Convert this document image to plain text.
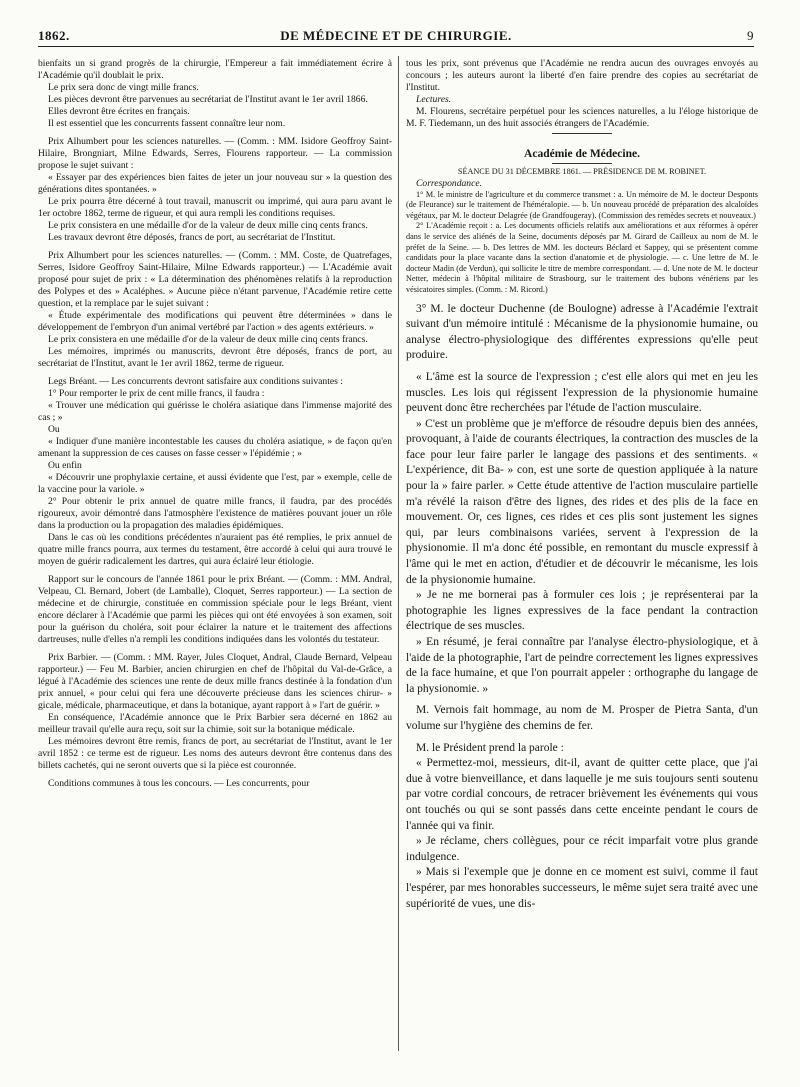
1862.	DE MÉDECINE ET DE CHIRURGIE.	9

bienfaits un si grand progrès de la chirurgie, l'Empereur a fait immédiatement écrire à l'Académie qu'il doublait le prix.

Le prix sera donc de vingt mille francs.

Les pièces devront être parvenues au secrétariat de l'Institut avant le 1er avril 1866.

Elles devront être écrites en français.

Il est essentiel que les concurrents fassent connaître leur nom.

Prix Alhumbert pour les sciences naturelles. — (Comm. : MM. Isidore Geoffroy Saint-Hilaire, Brongniart, Milne Edwards, Serres, Flourens rapporteur. — La commission propose le sujet suivant :

« Essayer par des expériences bien faites de jeter un jour nouveau sur » la question des générations dites spontanées. »

Le prix pourra être décerné à tout travail, manuscrit ou imprimé, qui aura paru avant le 1er octobre 1862, terme de rigueur, et qui aura rempli les conditions requises.

Le prix consistera en une médaille d'or de la valeur de deux mille cinq cents francs.

Les travaux devront être déposés, francs de port, au secrétariat de l'Institut.

Prix Alhumbert pour les sciences naturelles. — (Comm. : MM. Coste, de Quatrefages, Serres, Isidore Geoffroy Saint-Hilaire, Milne Edwards rapporteur.) — L'Académie avait proposé pour sujet de prix : « La détermination des phénomènes relatifs à la reproduction des Polypes et des » Acaléphes. » Aucune pièce n'étant parvenue, l'Académie retire cette question, et la remplace par le sujet suivant :

« Étude expérimentale des modifications qui peuvent être déterminées » dans le développement de l'embryon d'un animal vertébré par l'action » des agents extérieurs. »

Le prix consistera en une médaille d'or de la valeur de deux mille cinq cents francs.

Les mémoires, imprimés ou manuscrits, devront être déposés, francs de port, au secrétariat de l'Institut, avant le 1er avril 1862, terme de rigueur.

Legs Bréant. — Les concurrents devront satisfaire aux conditions suivantes :

1° Pour remporter le prix de cent mille francs, il faudra :

« Trouver une médication qui guérisse le choléra asiatique dans l'immense majorité des cas ; »

Ou

« Indiquer d'une manière incontestable les causes du choléra asiatique, » de façon qu'en amenant la suppression de ces causes on fasse cesser » l'épidémie ; »

Ou enfin

« Découvrir une prophylaxie certaine, et aussi évidente que l'est, par » exemple, celle de la vaccine pour la variole. »

2° Pour obtenir le prix annuel de quatre mille francs, il faudra, par des procédés rigoureux, avoir démontré dans l'atmosphère l'existence de matières pouvant jouer un rôle dans la production ou la propagation des maladies épidémiques.

Dans le cas où les conditions précédentes n'auraient pas été remplies, le prix annuel de quatre mille francs pourra, aux termes du testament, être accordé à celui qui aura trouvé le moyen de guérir radicalement les dartres, qui aura éclairé leur étiologie.

Rapport sur le concours de l'année 1861 pour le prix Bréant. — (Comm. : MM. Andral, Velpeau, Cl. Bernard, Jobert (de Lamballe), Cloquet, Serres rapporteur.) — La section de médecine et de chirurgie, constituée en commission spéciale pour le legs Bréant, vient encore déclarer à l'Académie que parmi les pièces qui ont été envoyées à son examen, soit pour la guérison du choléra, soit pour éclairer la nature et le traitement des affections dartreuses, nulle d'elles n'a rempli les conditions indiquées dans les volontés du testateur.

Prix Barbier. — (Comm. : MM. Rayer, Jules Cloquet, Andral, Claude Bernard, Velpeau rapporteur.) — Feu M. Barbier, ancien chirurgien en chef de l'hôpital du Val-de-Grâce, a légué à l'Académie des sciences une rente de deux mille francs destinée à la fondation d'un prix annuel, « pour celui qui fera une découverte précieuse dans les sciences chirur- » gicale, médicale, pharmaceutique, et dans la botanique, ayant rapport à » l'art de guérir. »

En conséquence, l'Académie annonce que le Prix Barbier sera décerné en 1862 au meilleur travail qu'elle aura reçu, soit sur la chimie, soit sur la botanique médicale.

Les mémoires devront être remis, francs de port, au secrétariat de l'Institut, avant le 1er avril 1852 : ce terme est de rigueur. Les noms des auteurs devront être contenus dans des billets cachetés, qui ne seront ouverts que si la pièce est couronnée.

Conditions communes à tous les concours. — Les concurrents, pour

tous les prix, sont prévenus que l'Académie ne rendra aucun des ouvrages envoyés au concours ; les auteurs auront la liberté d'en faire prendre des copies au secrétariat de l'Institut.

Lectures.

M. Flourens, secrétaire perpétuel pour les sciences naturelles, a lu l'éloge historique de M. F. Tiedemann, un des huit associés étrangers de l'Académie.

Académie de Médecine.

SÉANCE DU 31 DÉCEMBRE 1861. — PRÉSIDENCE DE M. ROBINET.

Correspondance.

1° M. le ministre de l'agriculture et du commerce transmet : a. Un mémoire de M. le docteur Desponts (de Fleurance) sur le traitement de l'héméralopie. — b. Un nouveau procédé de préparation des alcaloïdes végétaux, par M. le docteur Delagrée (de Grandfougeray). (Commission des remèdes secrets et nouveaux.)

2° L'Académie reçoit : a. Les documents officiels relatifs aux améliorations et aux réformes à opérer dans le service des aliénés de la Seine, documents déposés par M. Girard de Cailleux au nom de M. le préfet de la Seine. — b. Des lettres de MM. les docteurs Béclard et Sappey, qui se présentent comme candidats pour la place vacante dans la section d'anatomie et de physiologie. — c. Une lettre de M. le docteur Madin (de Verdun), qui sollicite le titre de membre correspondant. — d. Une note de M. le docteur Netter, médecin à l'hôpital militaire de Strasbourg, sur le traitement des bubons vénériens par les vésicatoires simples. (Comm. : M. Ricord.)

3° M. le docteur Duchenne (de Boulogne) adresse à l'Académie l'extrait suivant d'un mémoire intitulé : Mécanisme de la physionomie humaine, ou analyse électro-physiologique des différentes expressions qu'elle peut produire.

« L'âme est la source de l'expression ; c'est elle alors qui met en jeu les muscles. Les lois qui régissent l'expression de la physionomie humaine peuvent donc être recherchées par l'étude de l'action musculaire.

» C'est un problème que je m'efforce de résoudre depuis bien des années, provoquant, à l'aide de courants électriques, la contraction des muscles de la face pour leur faire parler le langage des passions et des sentiments. « L'expérience, dit Ba- » con, est une sorte de question appliquée à la nature pour la » faire parler. » Cette étude attentive de l'action musculaire partielle m'a révélé la raison d'être des lignes, des rides et des plis de la face en mouvement. Or, ces lignes, ces rides et ces plis sont justement les signes qui, par leurs combinaisons variées, servent à l'expression de la physionomie. Il m'a donc été possible, en remontant du muscle expressif à l'âme qui le met en action, d'étudier et de découvrir le mécanisme, les lois de la physionomie humaine.

» Je ne me bornerai pas à formuler ces lois ; je représenterai par la photographie les lignes expressives de la face pendant la contraction électrique de ses muscles.

» En résumé, je ferai connaître par l'analyse électro-physiologique, et à l'aide de la photographie, l'art de peindre correctement les lignes expressives de la face humaine, et que l'on pourrait appeler : orthographe du langage de la physionomie. »

M. Vernois fait hommage, au nom de M. Prosper de Pietra Santa, d'un volume sur l'hygiène des chemins de fer.

M. le Président prend la parole :

« Permettez-moi, messieurs, dit-il, avant de quitter cette place, que j'ai due à votre bienveillance, et dans laquelle je me suis toujours senti soutenu par votre cordial concours, de retracer brièvement les événements qui vous ont touchés ou qui se sont passés dans cette enceinte pendant le cours de l'année qui va finir.

» Je réclame, chers collègues, pour ce récit imparfait votre plus grande indulgence.

» Mais si l'exemple que je donne en ce moment est suivi, comme il faut l'espérer, par mes honorables successeurs, le même sujet sera traité avec une supériorité de vues, une dis-
